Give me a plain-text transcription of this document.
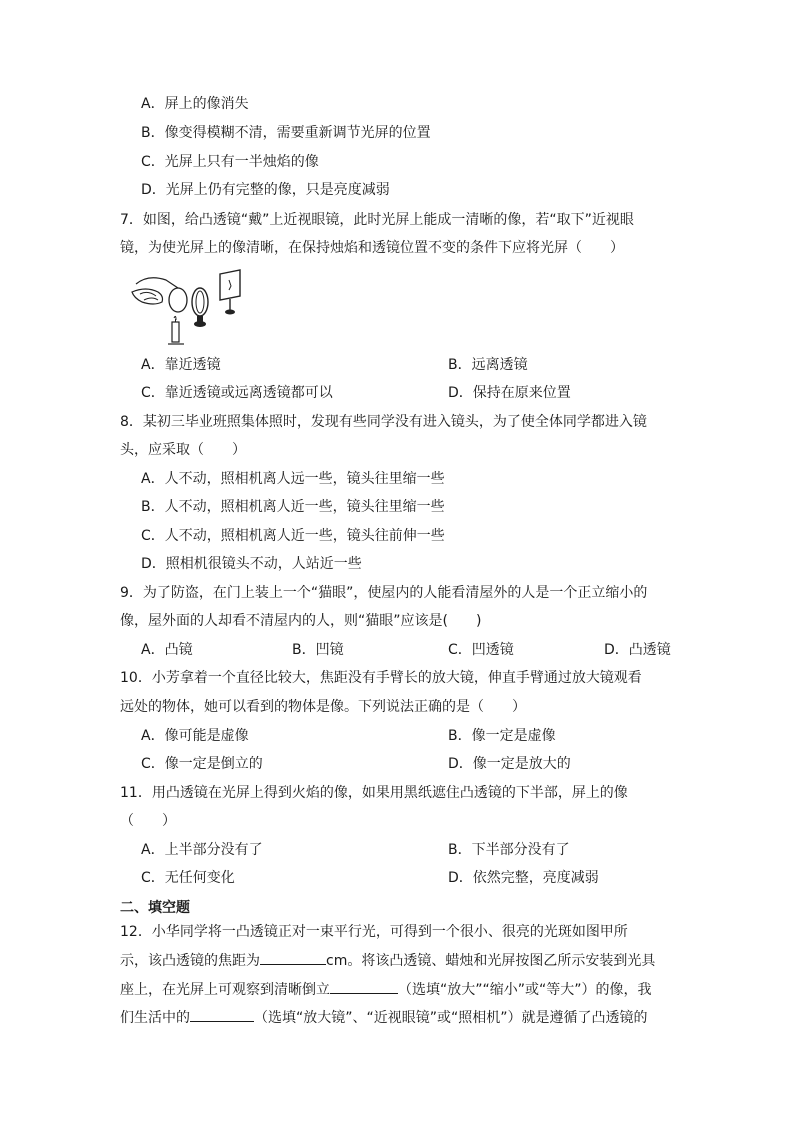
A．屏上的像消失
B．像变得模糊不清，需要重新调节光屏的位置
C．光屏上只有一半烛焰的像
D．光屏上仍有完整的像，只是亮度减弱
7．如图，给凸透镜“戴”上近视眼镜，此时光屏上能成一清晰的像，若“取下”近视眼
镜，为使光屏上的像清晰，在保持烛焰和透镜位置不变的条件下应将光屏（　　）
A．靠近透镜	B．远离透镜
C．靠近透镜或远离透镜都可以	D．保持在原来位置
8．某初三毕业班照集体照时，发现有些同学没有进入镜头，为了使全体同学都进入镜
头，应采取（　　）
A．人不动，照相机离人远一些，镜头往里缩一些
B．人不动，照相机离人近一些，镜头往里缩一些
C．人不动，照相机离人近一些，镜头往前伸一些
D．照相机很镜头不动，人站近一些
9．为了防盗，在门上装上一个“猫眼”，使屋内的人能看清屋外的人是一个正立缩小的
像，屋外面的人却看不清屋内的人，则“猫眼”应该是(　　)
A．凸镜	B．凹镜	C．凹透镜	D．凸透镜
10．小芳拿着一个直径比较大，焦距没有手臂长的放大镜，伸直手臂通过放大镜观看
远处的物体，她可以看到的物体是像。下列说法正确的是（　　）
A．像可能是虚像	B．像一定是虚像
C．像一定是倒立的	D．像一定是放大的
11．用凸透镜在光屏上得到火焰的像，如果用黑纸遮住凸透镜的下半部，屏上的像
（　　）
A．上半部分没有了	B．下半部分没有了
C．无任何变化	D．依然完整，亮度减弱
二、填空题
12．小华同学将一凸透镜正对一束平行光，可得到一个很小、很亮的光斑如图甲所
示，该凸透镜的焦距为	cm。将该凸透镜、蜡烛和光屏按图乙所示安装到光具
座上，在光屏上可观察到清晰倒立	（选填“放大”“缩小”或“等大”）的像，我
们生活中的	（选填“放大镜”、“近视眼镜”或“照相机”）就是遵循了凸透镜的
